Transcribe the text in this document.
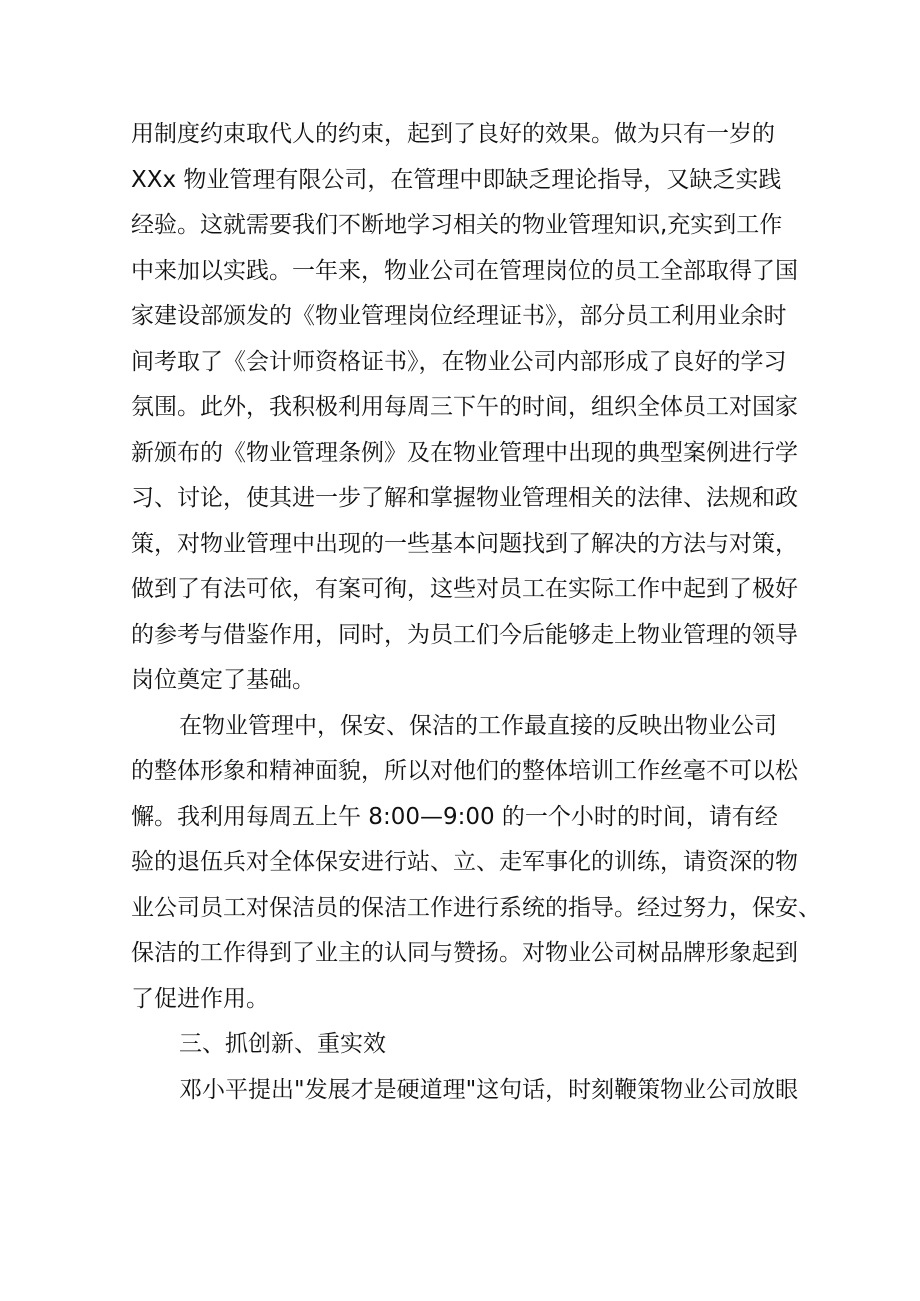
用制度约束取代人的约束，起到了良好的效果。做为只有一岁的
XXx 物业管理有限公司，在管理中即缺乏理论指导，又缺乏实践
经验。这就需要我们不断地学习相关的物业管理知识,充实到工作
中来加以实践。一年来，物业公司在管理岗位的员工全部取得了国
家建设部颁发的《物业管理岗位经理证书》，部分员工利用业余时
间考取了《会计师资格证书》，在物业公司内部形成了良好的学习
氛围。此外，我积极利用每周三下午的时间，组织全体员工对国家
新颁布的《物业管理条例》及在物业管理中出现的典型案例进行学
习、讨论，使其进一步了解和掌握物业管理相关的法律、法规和政
策，对物业管理中出现的一些基本问题找到了解决的方法与对策，
做到了有法可依，有案可徇，这些对员工在实际工作中起到了极好
的参考与借鉴作用，同时，为员工们今后能够走上物业管理的领导
岗位奠定了基础。
在物业管理中，保安、保洁的工作最直接的反映出物业公司
的整体形象和精神面貌，所以对他们的整体培训工作丝毫不可以松
懈。我利用每周五上午 8:00—9:00 的一个小时的时间，请有经
验的退伍兵对全体保安进行站、立、走军事化的训练，请资深的物
业公司员工对保洁员的保洁工作进行系统的指导。经过努力，保安、
保洁的工作得到了业主的认同与赞扬。对物业公司树品牌形象起到
了促进作用。
三、抓创新、重实效
邓小平提出"发展才是硬道理"这句话，时刻鞭策物业公司放眼
